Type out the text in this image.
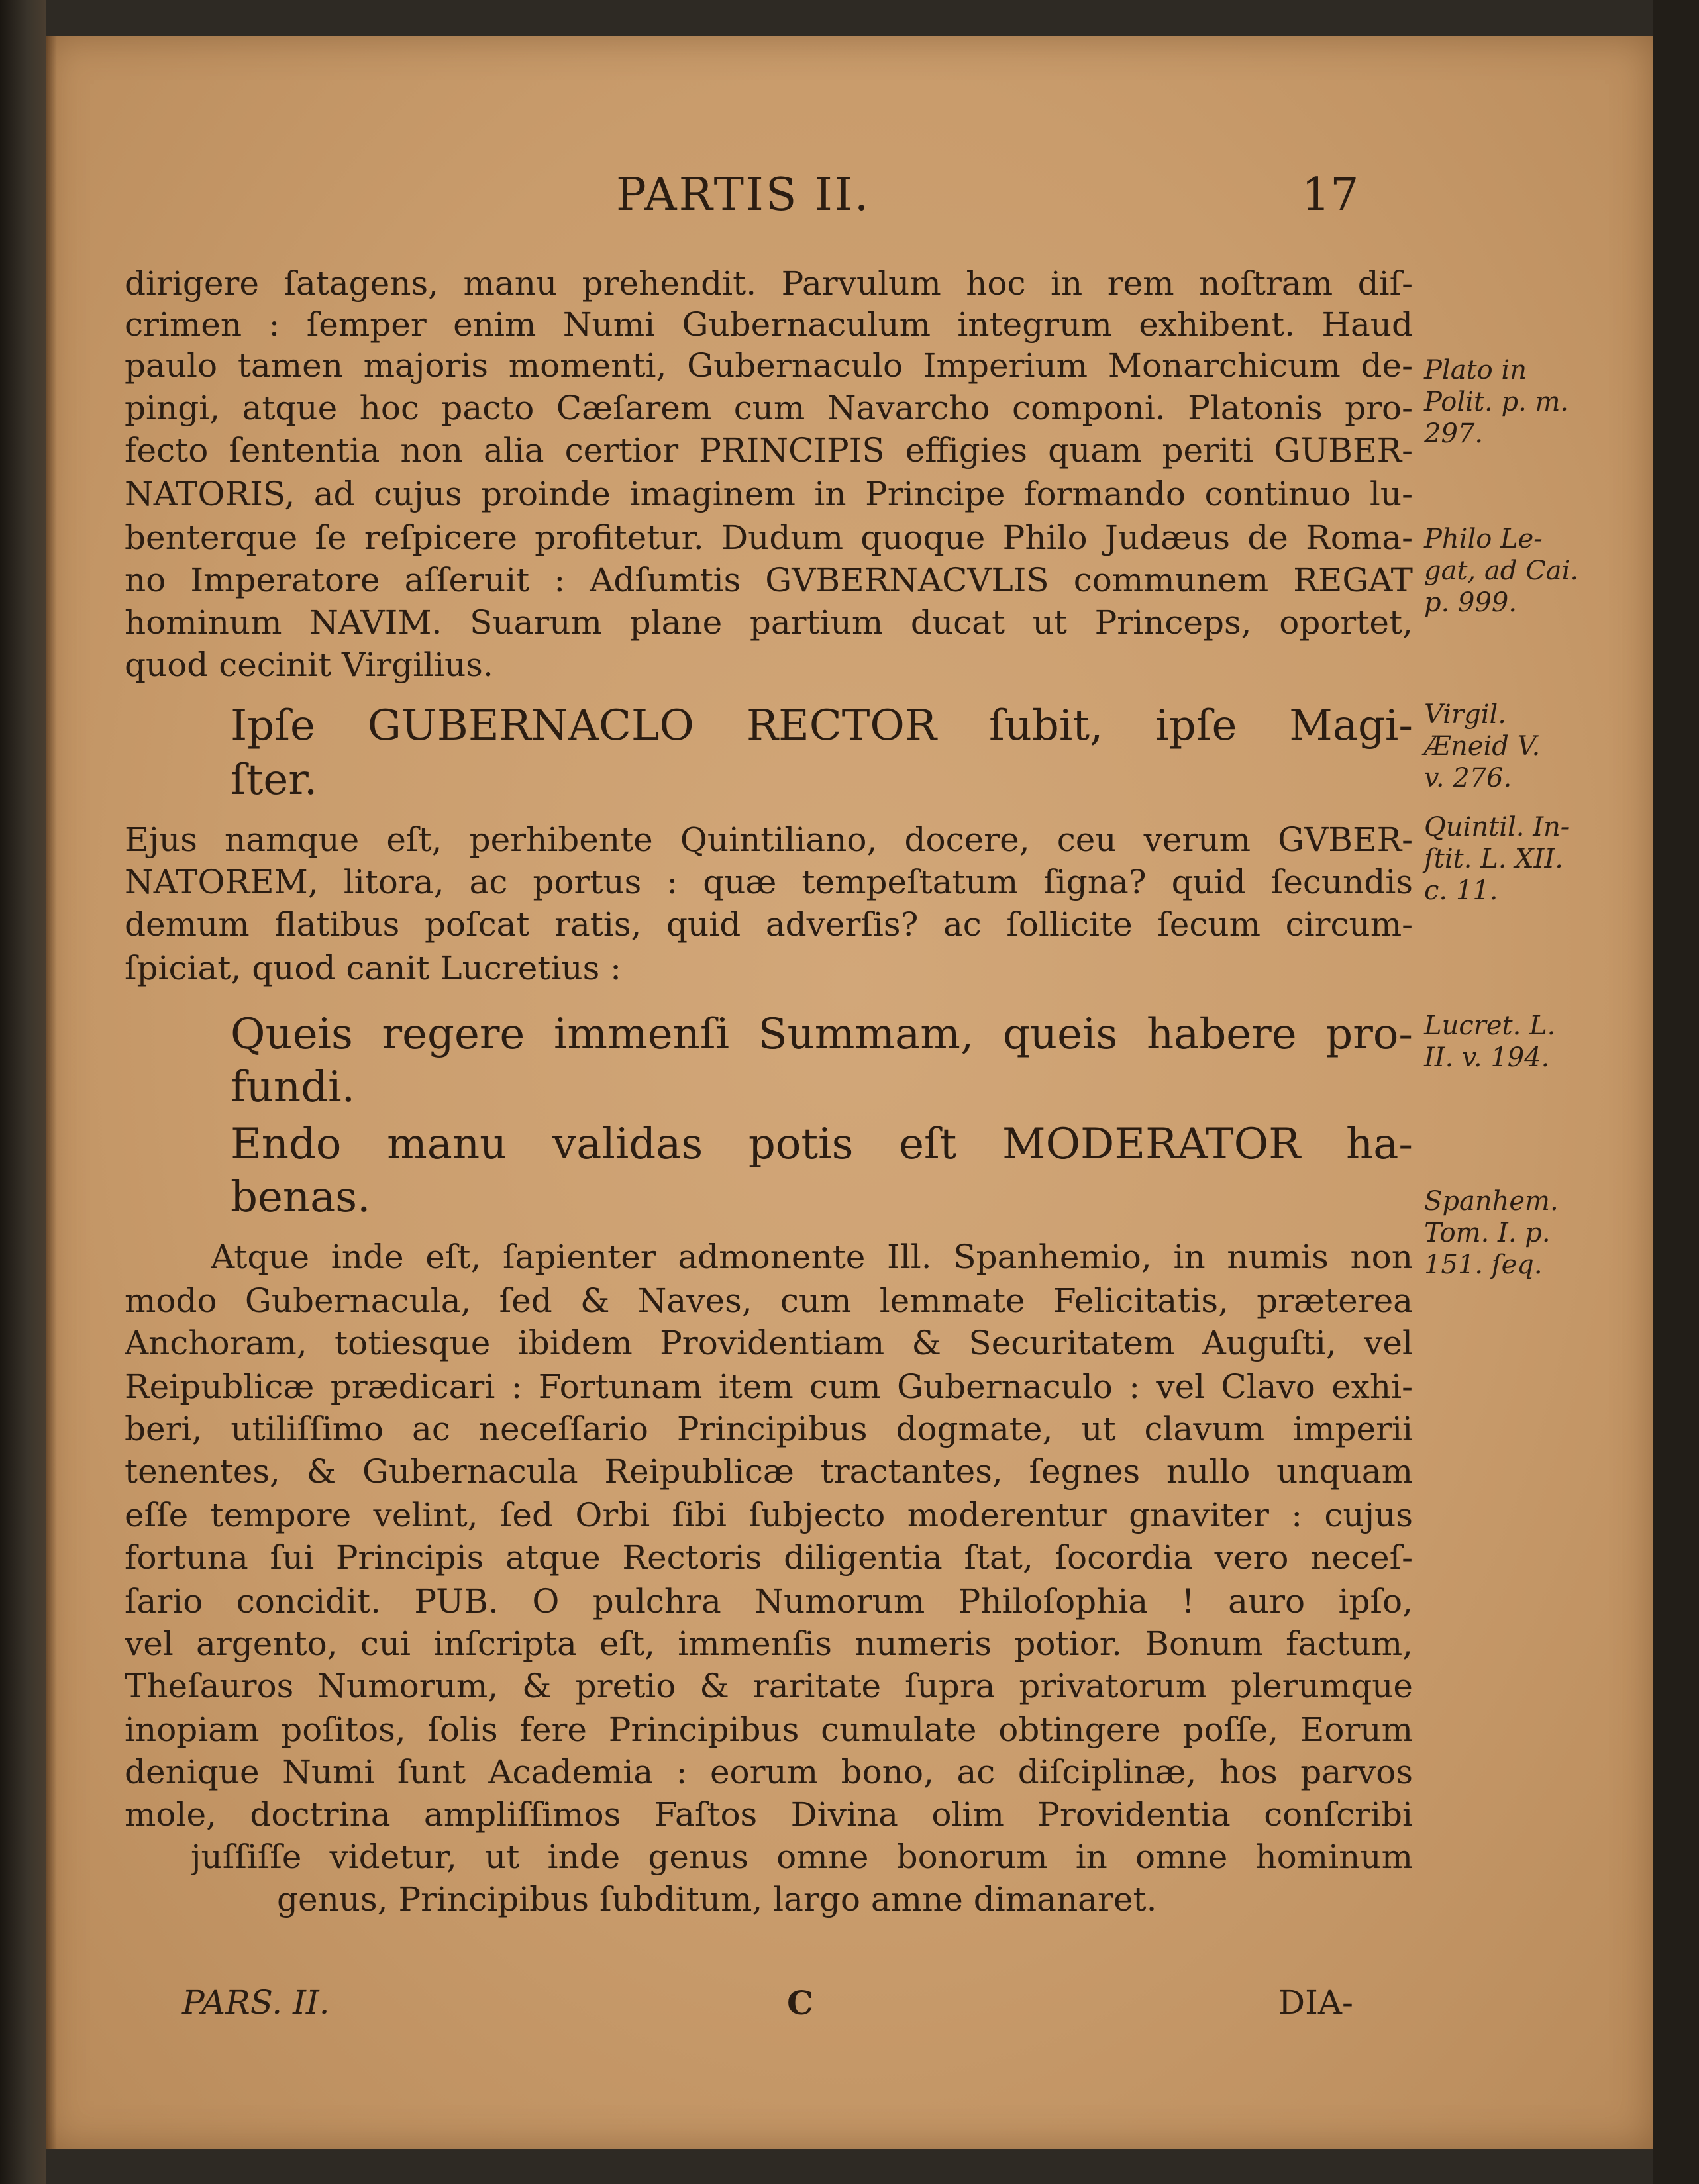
PARTIS II.	17
dirigere ſatagens, manu prehendit. Parvulum hoc in rem noſtram diſ-
crimen : ſemper enim Numi Gubernaculum integrum exhibent. Haud
paulo tamen majoris momenti, Gubernaculo Imperium Monarchicum de-
pingi, atque hoc pacto Cæſarem cum Navarcho componi. Platonis pro-
fecto ſententia non alia certior PRINCIPIS effigies quam periti GUBER-
NATORIS, ad cujus proinde imaginem in Principe formando continuo lu-
benterque ſe reſpicere profitetur. Dudum quoque Philo Judæus de Roma-
no Imperatore aſſeruit : Adſumtis GVBERNACVLIS communem REGAT
hominum NAVIM. Suarum plane partium ducat ut Princeps, oportet,
quod cecinit Virgilius.
Ipſe GUBERNACLO RECTOR ſubit, ipſe Magi-
ſter.
Ejus namque eſt, perhibente Quintiliano, docere, ceu verum GVBER-
NATOREM, litora, ac portus : quæ tempeſtatum ſigna? quid ſecundis
demum flatibus poſcat ratis, quid adverſis? ac ſollicite ſecum circum-
ſpiciat, quod canit Lucretius :
Queis regere immenſi Summam, queis habere pro-
fundi.
Endo manu validas potis eſt MODERATOR ha-
benas.
Atque inde eſt, ſapienter admonente Ill. Spanhemio, in numis non
modo Gubernacula, ſed & Naves, cum lemmate Felicitatis, præterea
Anchoram, totiesque ibidem Providentiam & Securitatem Auguſti, vel
Reipublicæ prædicari : Fortunam item cum Gubernaculo : vel Clavo exhi-
beri, utiliſſimo ac neceſſario Principibus dogmate, ut clavum imperii
tenentes, & Gubernacula Reipublicæ tractantes, ſegnes nullo unquam
eſſe tempore velint, ſed Orbi ſibi ſubjecto moderentur gnaviter : cujus
fortuna ſui Principis atque Rectoris diligentia ſtat, ſocordia vero neceſ-
ſario concidit. PUB. O pulchra Numorum Philoſophia ! auro ipſo,
vel argento, cui inſcripta eſt, immenſis numeris potior. Bonum factum,
Theſauros Numorum, & pretio & raritate ſupra privatorum plerumque
inopiam poſitos, ſolis fere Principibus cumulate obtingere poſſe, Eorum
denique Numi ſunt Academia : eorum bono, ac diſciplinæ, hos parvos
mole, doctrina ampliſſimos Faſtos Divina olim Providentia conſcribi
juſſiſſe videtur, ut inde genus omne bonorum in omne hominum
genus, Principibus ſubditum, largo amne dimanaret.
Plato in
Polit. p. m.
297.
Philo Le-
gat, ad Cai.
p. 999.
Virgil.
Æneid V.
v. 276.
Quintil. In-
ſtit. L. XII.
c. 11.
Lucret. L.
II. v. 194.
Spanhem.
Tom. I. p.
151. ſeq.
PARS. II.	C	DIA-
